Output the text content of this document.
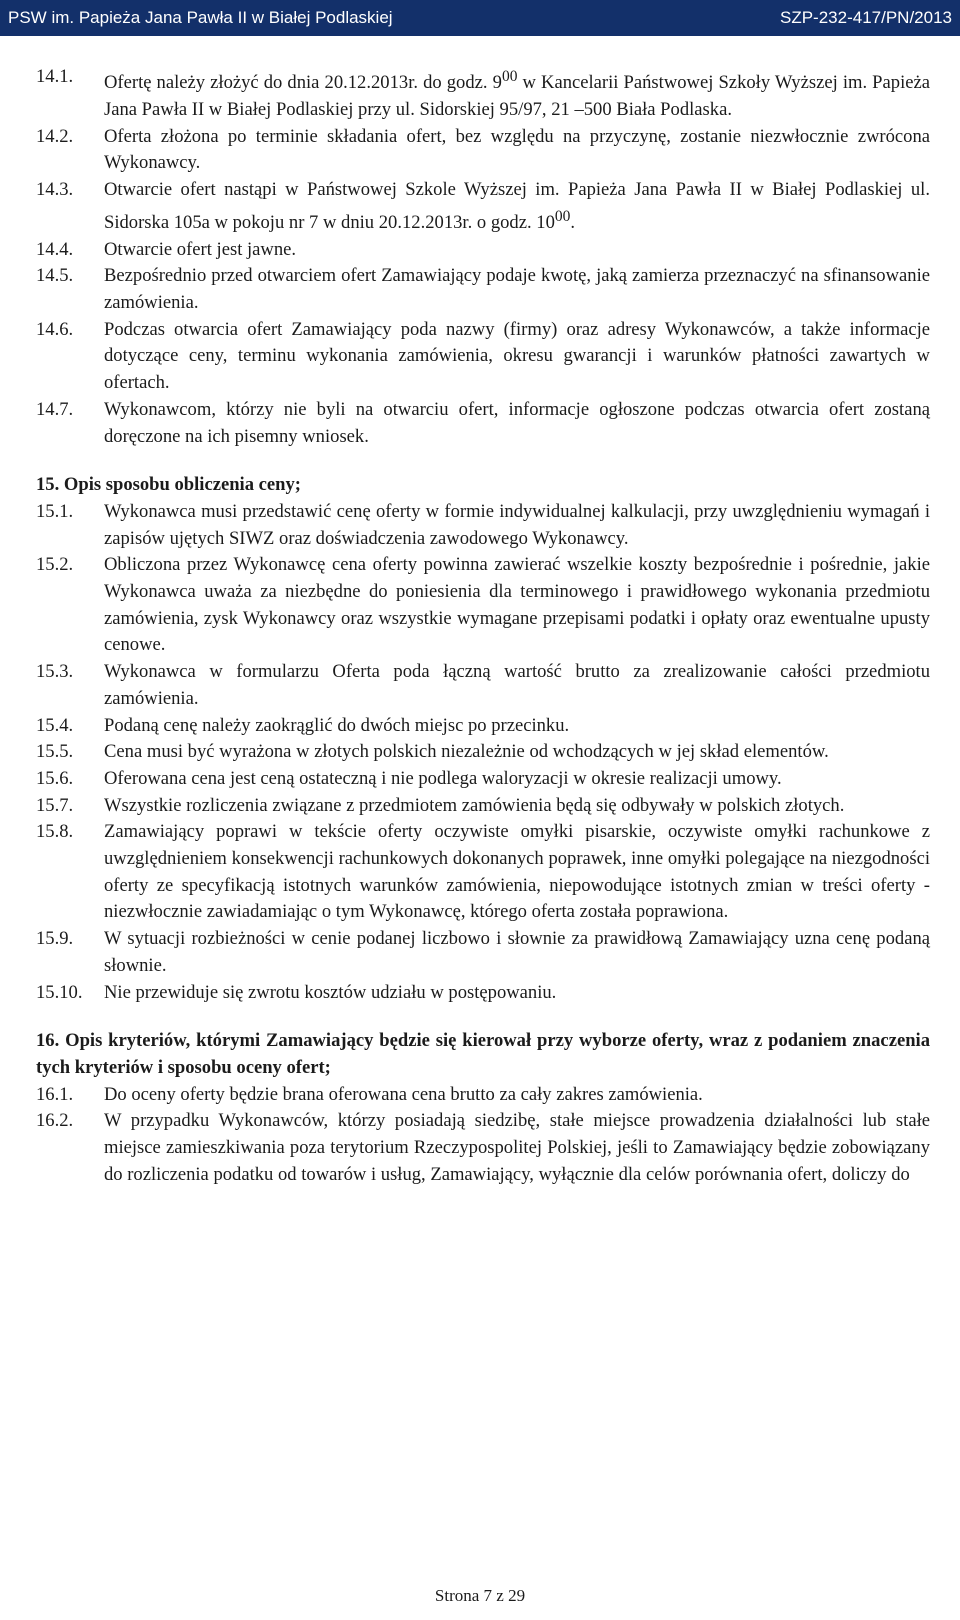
PSW im. Papieża Jana Pawła II w Białej Podlaskiej	SZP-232-417/PN/2013
14.1. Ofertę należy złożyć do dnia 20.12.2013r. do godz. $9^{00}$ w Kancelarii Państwowej Szkoły Wyższej im. Papieża Jana Pawła II w Białej Podlaskiej przy ul. Sidorskiej 95/97, 21 –500 Biała Podlaska.
14.2. Oferta złożona po terminie składania ofert, bez względu na przyczynę, zostanie niezwłocznie zwrócona Wykonawcy.
14.3. Otwarcie ofert nastąpi w Państwowej Szkole Wyższej im. Papieża Jana Pawła II w Białej Podlaskiej ul. Sidorska 105a w pokoju nr 7 w dniu 20.12.2013r. o godz. $10^{00}$.
14.4. Otwarcie ofert jest jawne.
14.5. Bezpośrednio przed otwarciem ofert Zamawiający podaje kwotę, jaką zamierza przeznaczyć na sfinansowanie zamówienia.
14.6. Podczas otwarcia ofert Zamawiający poda nazwy (firmy) oraz adresy Wykonawców, a także informacje dotyczące ceny, terminu wykonania zamówienia, okresu gwarancji i warunków płatności zawartych w ofertach.
14.7. Wykonawcom, którzy nie byli na otwarciu ofert, informacje ogłoszone podczas otwarcia ofert zostaną doręczone na ich pisemny wniosek.
15. Opis sposobu obliczenia ceny;
15.1. Wykonawca musi przedstawić cenę oferty w formie indywidualnej kalkulacji, przy uwzględnieniu wymagań i zapisów ujętych SIWZ oraz doświadczenia zawodowego Wykonawcy.
15.2. Obliczona przez Wykonawcę cena oferty powinna zawierać wszelkie koszty bezpośrednie i pośrednie, jakie Wykonawca uważa za niezbędne do poniesienia dla terminowego i prawidłowego wykonania przedmiotu zamówienia, zysk Wykonawcy oraz wszystkie wymagane przepisami podatki i opłaty oraz ewentualne upusty cenowe.
15.3. Wykonawca w formularzu Oferta poda łączną wartość brutto za zrealizowanie całości przedmiotu zamówienia.
15.4. Podaną cenę należy zaokrąglić do dwóch miejsc po przecinku.
15.5. Cena musi być wyrażona w złotych polskich niezależnie od wchodzących w jej skład elementów.
15.6. Oferowana cena jest ceną ostateczną i nie podlega waloryzacji w okresie realizacji umowy.
15.7. Wszystkie rozliczenia związane z przedmiotem zamówienia będą się odbywały w polskich złotych.
15.8. Zamawiający poprawi w tekście oferty oczywiste omyłki pisarskie, oczywiste omyłki rachunkowe z uwzględnieniem konsekwencji rachunkowych dokonanych poprawek, inne omyłki polegające na niezgodności oferty ze specyfikacją istotnych warunków zamówienia, niepowodujące istotnych zmian w treści oferty - niezwłocznie zawiadamiając o tym Wykonawcę, którego oferta została poprawiona.
15.9. W sytuacji rozbieżności w cenie podanej liczbowo i słownie za prawidłową Zamawiający uzna cenę podaną słownie.
15.10. Nie przewiduje się zwrotu kosztów udziału w postępowaniu.
16. Opis kryteriów, którymi Zamawiający będzie się kierował przy wyborze oferty, wraz z podaniem znaczenia tych kryteriów i sposobu oceny ofert;
16.1. Do oceny oferty będzie brana oferowana cena brutto za cały zakres zamówienia.
16.2. W przypadku Wykonawców, którzy posiadają siedzibę, stałe miejsce prowadzenia działalności lub stałe miejsce zamieszkiwania poza terytorium Rzeczypospolitej Polskiej, jeśli to Zamawiający będzie zobowiązany do rozliczenia podatku od towarów i usług, Zamawiający, wyłącznie dla celów porównania ofert, doliczy do
Strona 7 z 29
